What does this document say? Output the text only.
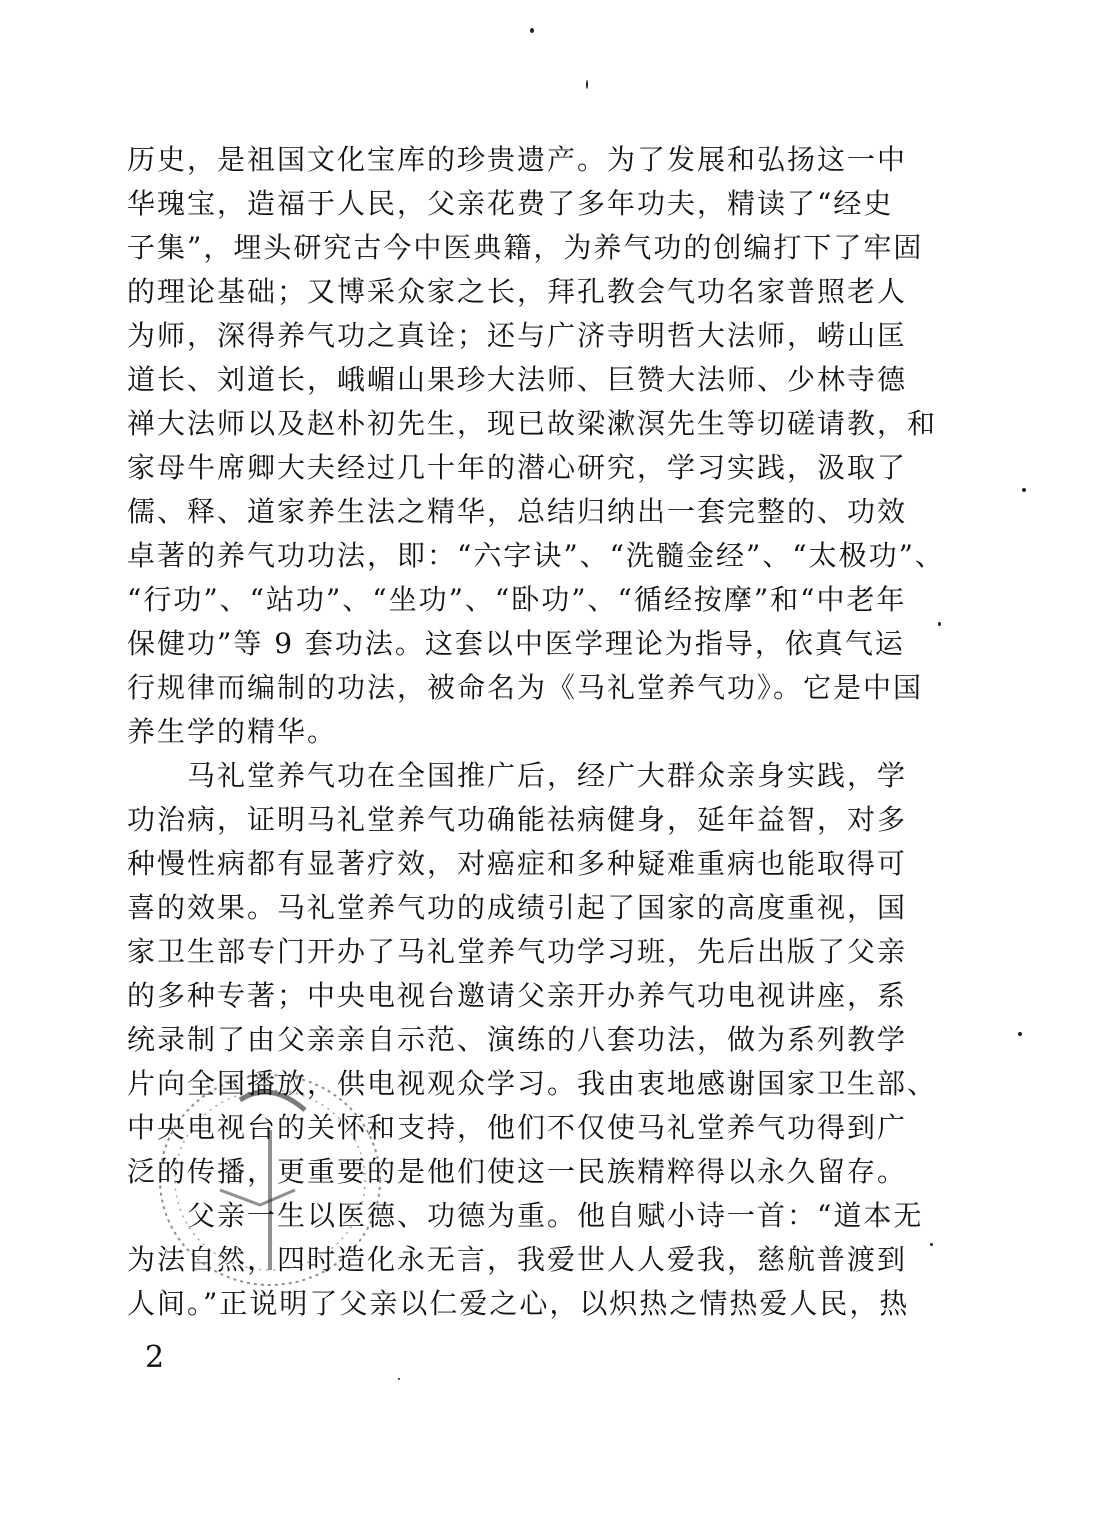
历史，是祖国文化宝库的珍贵遗产。为了发展和弘扬这一中
华瑰宝，造福于人民，父亲花费了多年功夫，精读了“经史
子集”，埋头研究古今中医典籍，为养气功的创编打下了牢固
的理论基础；又博采众家之长，拜孔教会气功名家普照老人
为师，深得养气功之真诠；还与广济寺明哲大法师，崂山匡
道长、刘道长，峨嵋山果珍大法师、巨赞大法师、少林寺德
禅大法师以及赵朴初先生，现已故梁漱溟先生等切磋请教，和
家母牛席卿大夫经过几十年的潜心研究，学习实践，汲取了
儒、释、道家养生法之精华，总结归纳出一套完整的、功效
卓著的养气功功法，即：“六字诀”、“洗髓金经”、“太极功”、
“行功”、“站功”、“坐功”、“卧功”、“循经按摩”和“中老年
保健功”等 9 套功法。这套以中医学理论为指导，依真气运
行规律而编制的功法，被命名为《马礼堂养气功》。它是中国
养生学的精华。
　　马礼堂养气功在全国推广后，经广大群众亲身实践，学
功治病，证明马礼堂养气功确能祛病健身，延年益智，对多
种慢性病都有显著疗效，对癌症和多种疑难重病也能取得可
喜的效果。马礼堂养气功的成绩引起了国家的高度重视，国
家卫生部专门开办了马礼堂养气功学习班，先后出版了父亲
的多种专著；中央电视台邀请父亲开办养气功电视讲座，系
统录制了由父亲亲自示范、演练的八套功法，做为系列教学
片向全国播放，供电视观众学习。我由衷地感谢国家卫生部、
中央电视台的关怀和支持，他们不仅使马礼堂养气功得到广
泛的传播，更重要的是他们使这一民族精粹得以永久留存。
　　父亲一生以医德、功德为重。他自赋小诗一首：“道本无
为法自然，四时造化永无言，我爱世人人爱我，慈航普渡到
人间。”正说明了父亲以仁爱之心，以炽热之情热爱人民，热
2
